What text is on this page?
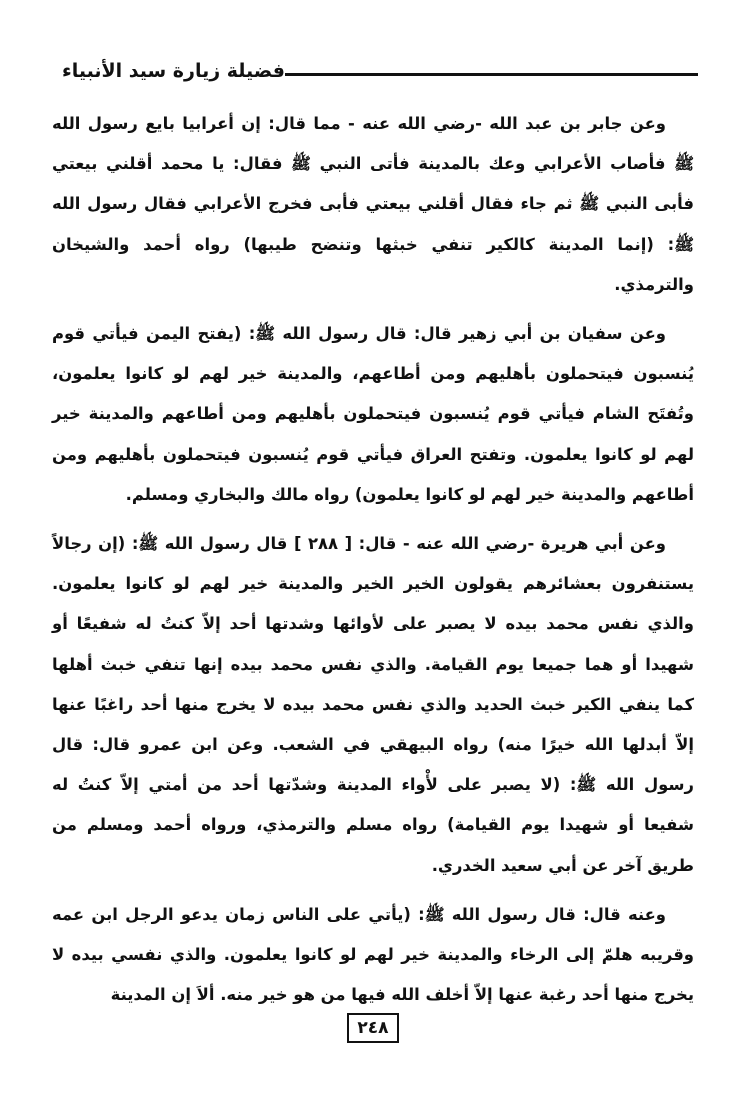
فضيلة زيارة سيد الأنبياء

وعن جابر بن عبد الله -رضي الله عنه - مما قال: إن أعرابيا بايع رسول الله ﷺ فأصاب الأعرابي وعك بالمدينة فأتى النبي ﷺ فقال: يا محمد أقلني بيعتي فأبى النبي ﷺ ثم جاء فقال أقلني بيعتي فأبى فخرج الأعرابي فقال رسول الله ﷺ: (إنما المدينة كالكير تنفي خبثها وتنضح طيبها) رواه أحمد والشيخان والترمذي.

وعن سفيان بن أبي زهير قال: قال رسول الله ﷺ: (يفتح اليمن فيأتي قوم يُنسبون فيتحملون بأهليهم ومن أطاعهم، والمدينة خير لهم لو كانوا يعلمون، وتُفتَح الشام فيأتي قوم يُنسبون فيتحملون بأهليهم ومن أطاعهم والمدينة خير لهم لو كانوا يعلمون. وتفتح العراق فيأتي قوم يُنسبون فيتحملون بأهليهم ومن أطاعهم والمدينة خير لهم لو كانوا يعلمون) رواه مالك والبخاري ومسلم.

وعن أبي هريرة -رضي الله عنه - قال: [ ٢٨٨ ] قال رسول الله ﷺ: (إن رجالاً يستنفرون بعشائرهم يقولون الخير الخير والمدينة خير لهم لو كانوا يعلمون. والذي نفس محمد بيده لا يصبر على لأوائها وشدتها أحد إلاّ كنتُ له شفيعًا أو شهيدا أو هما جميعا يوم القيامة. والذي نفس محمد بيده إنها تنفي خبث أهلها كما ينفي الكير خبث الحديد والذي نفس محمد بيده لا يخرج منها أحد راغبًا عنها إلاّ أبدلها الله خيرًا منه) رواه البيهقي في الشعب. وعن ابن عمرو قال: قال رسول الله ﷺ: (لا يصبر على لأْواء المدينة وشدّتها أحد من أمتي إلاّ كنتُ له شفيعا أو شهيدا يوم القيامة) رواه مسلم والترمذي، ورواه أحمد ومسلم من طريق آخر عن أبي سعيد الخدري.

وعنه قال: قال رسول الله ﷺ: (يأتي على الناس زمان يدعو الرجل ابن عمه وقريبه هلمّ إلى الرخاء والمدينة خير لهم لو كانوا يعلمون. والذي نفسي بيده لا يخرج منها أحد رغبة عنها إلاّ أخلف الله فيها من هو خير منه. ألاَ إن المدينة

٢٤٨
